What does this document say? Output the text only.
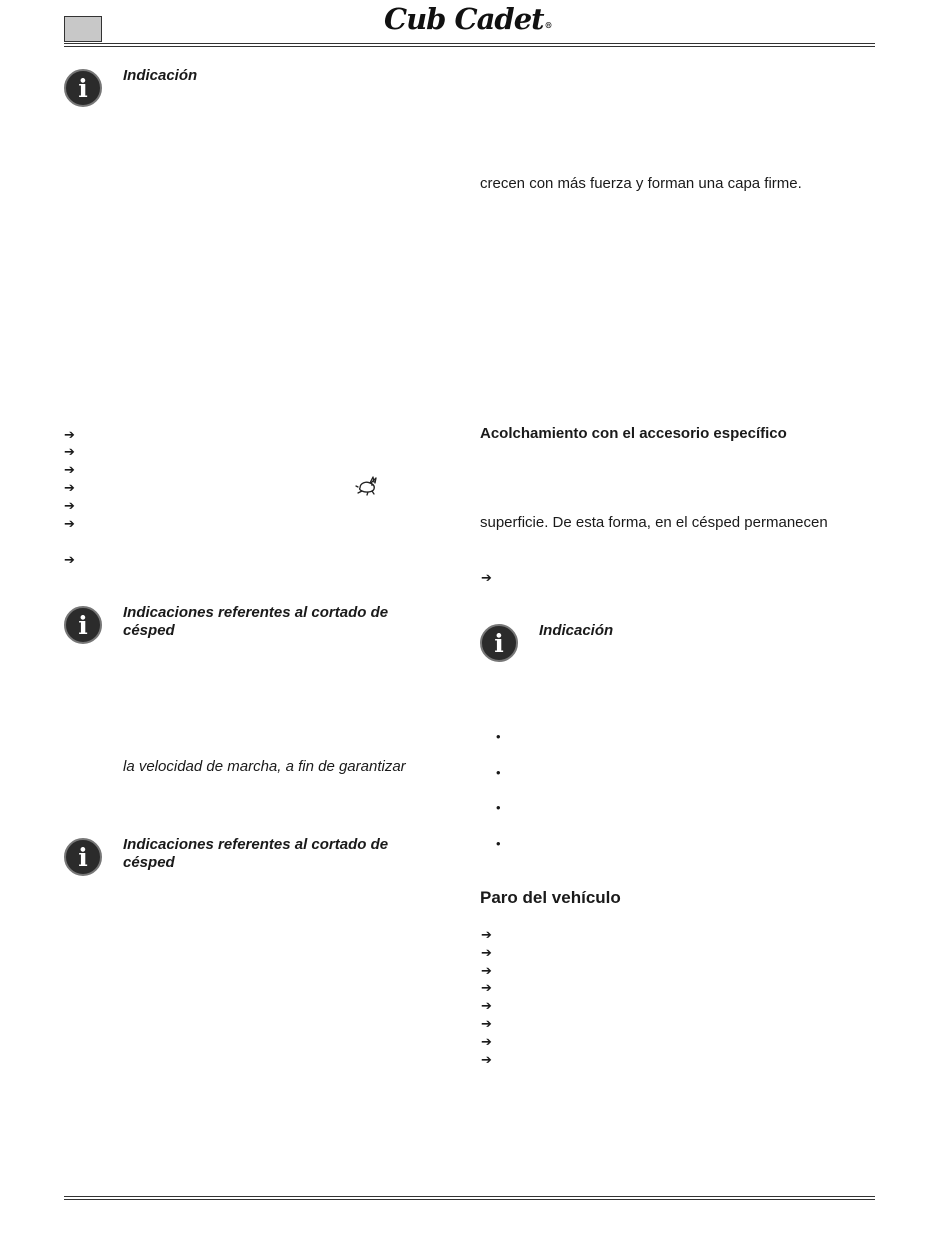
Cub Cadet ®
i Indicación
➔
➔
➔
➔
➔
➔
➔
i Indicaciones referentes al cortado de césped
la velocidad de marcha, a fin de garantizar
i Indicaciones referentes al cortado de césped
crecen con más fuerza y forman una capa firme.
Acolchamiento con el accesorio específico
superficie. De esta forma, en el césped permanecen
➔
i Indicación
•
•
•
•
Paro del vehículo
➔
➔
➔
➔
➔
➔
➔
➔
